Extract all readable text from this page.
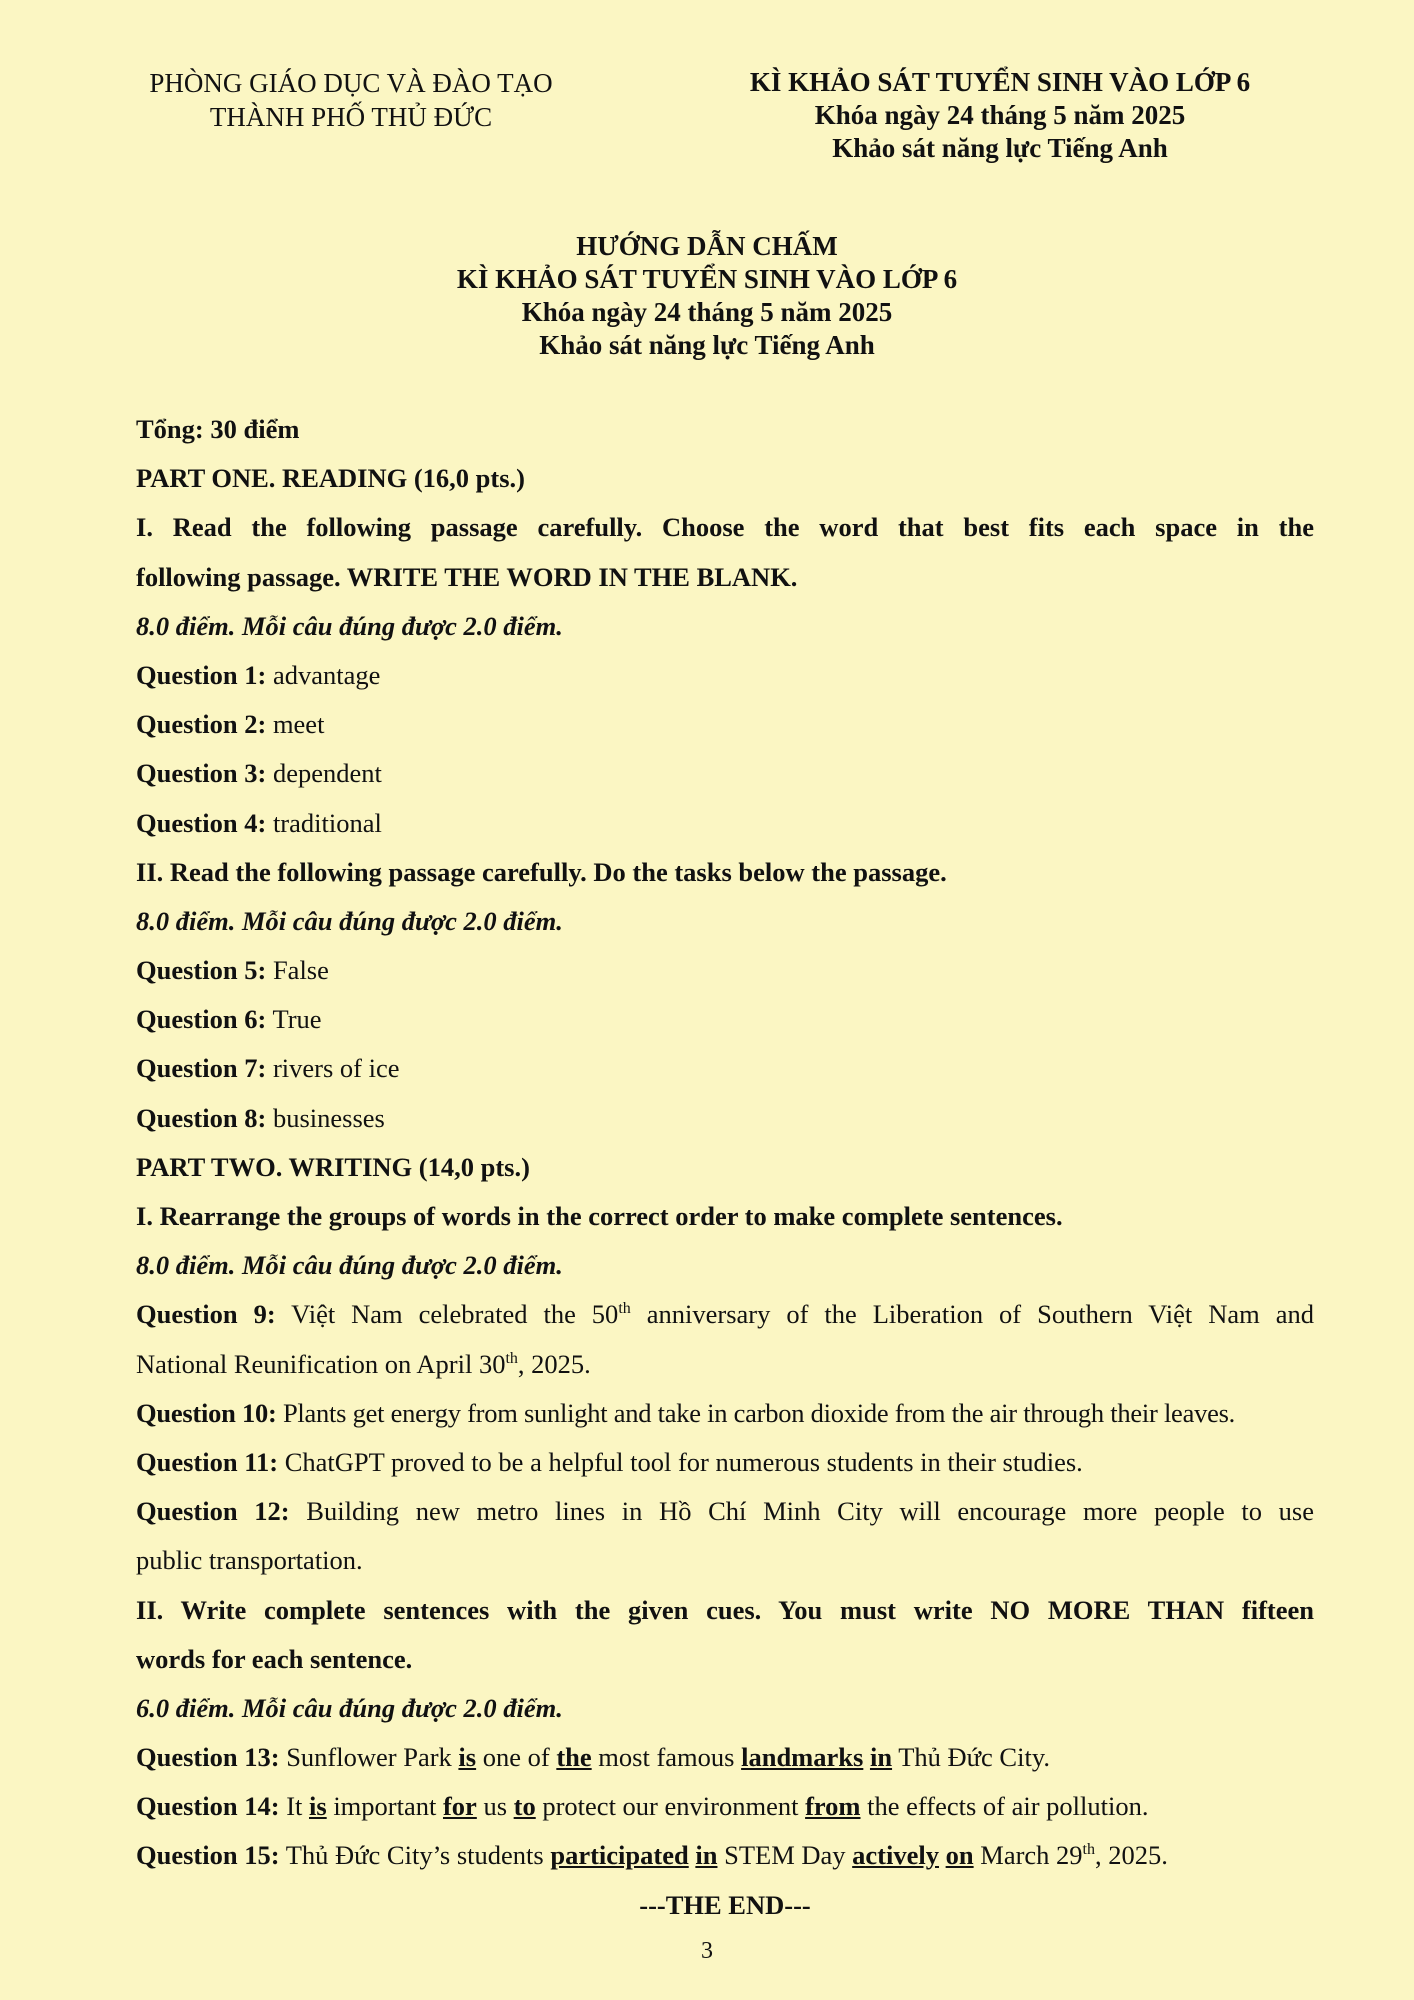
PHÒNG GIÁO DỤC VÀ ĐÀO TẠO
THÀNH PHỐ THỦ ĐỨC
KÌ KHẢO SÁT TUYỂN SINH VÀO LỚP 6
Khóa ngày 24 tháng 5 năm 2025
Khảo sát năng lực Tiếng Anh
HƯỚNG DẪN CHẤM
KÌ KHẢO SÁT TUYỂN SINH VÀO LỚP 6
Khóa ngày 24 tháng 5 năm 2025
Khảo sát năng lực Tiếng Anh
Tổng: 30 điểm
PART ONE. READING (16,0 pts.)
I. Read the following passage carefully. Choose the word that best fits each space in the
following passage. WRITE THE WORD IN THE BLANK.
8.0 điểm. Mỗi câu đúng được 2.0 điểm.
Question 1: advantage
Question 2: meet
Question 3: dependent
Question 4: traditional
II. Read the following passage carefully. Do the tasks below the passage.
8.0 điểm. Mỗi câu đúng được 2.0 điểm.
Question 5: False
Question 6: True
Question 7: rivers of ice
Question 8: businesses
PART TWO. WRITING (14,0 pts.)
I. Rearrange the groups of words in the correct order to make complete sentences.
8.0 điểm. Mỗi câu đúng được 2.0 điểm.
Question 9: Việt Nam celebrated the 50th anniversary of the Liberation of Southern Việt Nam and
National Reunification on April 30th, 2025.
Question 10: Plants get energy from sunlight and take in carbon dioxide from the air through their leaves.
Question 11: ChatGPT proved to be a helpful tool for numerous students in their studies.
Question 12: Building new metro lines in Hồ Chí Minh City will encourage more people to use
public transportation.
II. Write complete sentences with the given cues. You must write NO MORE THAN fifteen
words for each sentence.
6.0 điểm. Mỗi câu đúng được 2.0 điểm.
Question 13: Sunflower Park is one of the most famous landmarks in Thủ Đức City.
Question 14: It is important for us to protect our environment from the effects of air pollution.
Question 15: Thủ Đức City’s students participated in STEM Day actively on March 29th, 2025.
---THE END---
3
